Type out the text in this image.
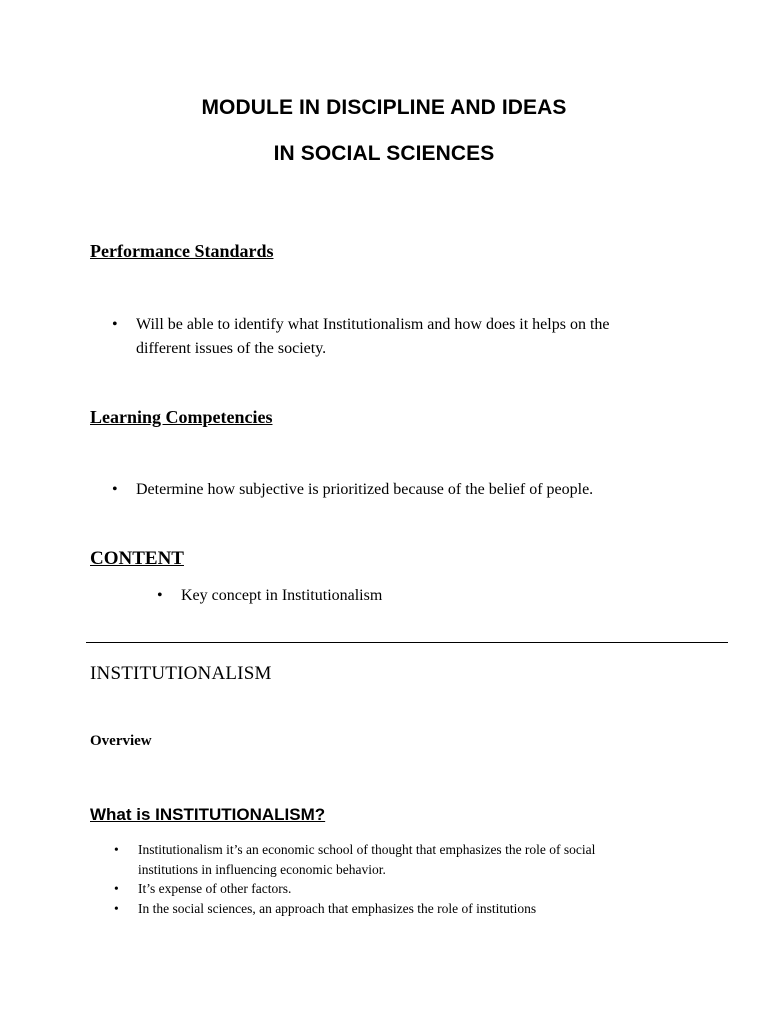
MODULE IN DISCIPLINE AND IDEAS
IN SOCIAL SCIENCES
Performance Standards
• Will be able to identify what Institutionalism and how does it helps on the
different issues of the society.
Learning Competencies
• Determine how subjective is prioritized because of the belief of people.
CONTENT
• Key concept in Institutionalism
INSTITUTIONALISM
Overview
What is INSTITUTIONALISM?
• Institutionalism it’s an economic school of thought that emphasizes the role of social
institutions in influencing economic behavior.
• It’s expense of other factors.
• In the social sciences, an approach that emphasizes the role of institutions
